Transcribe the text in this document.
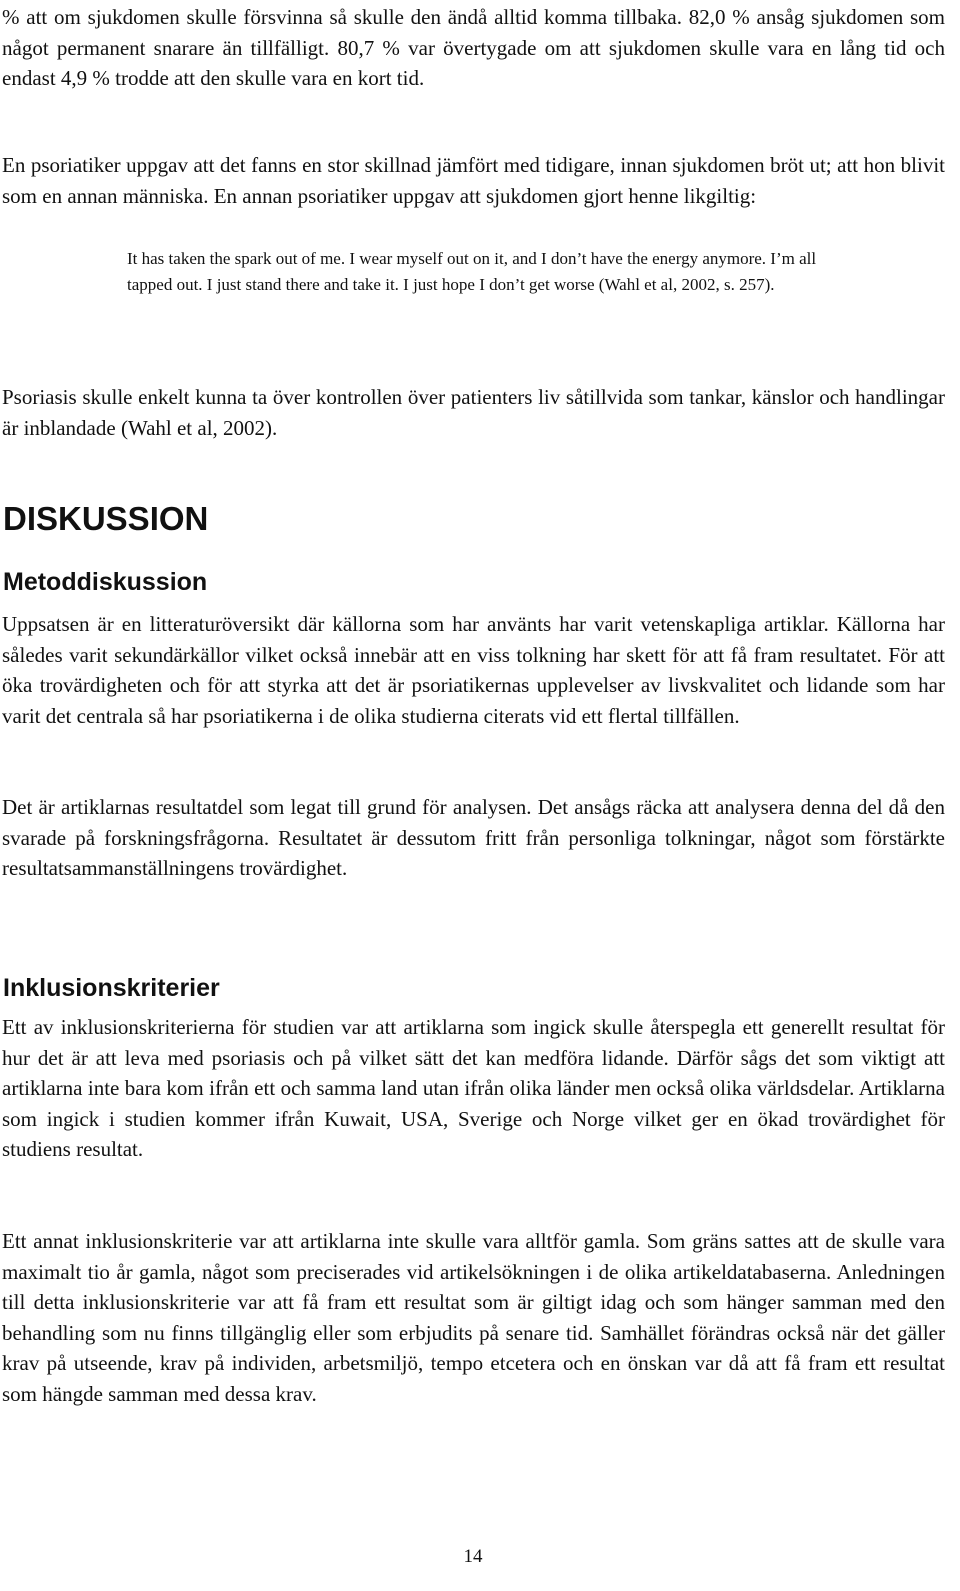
% att om sjukdomen skulle försvinna så skulle den ändå alltid komma tillbaka. 82,0 % ansåg sjukdomen som något permanent snarare än tillfälligt. 80,7 % var övertygade om att sjukdomen skulle vara en lång tid och endast 4,9 % trodde att den skulle vara en kort tid.

En psoriatiker uppgav att det fanns en stor skillnad jämfört med tidigare, innan sjukdomen bröt ut; att hon blivit som en annan människa. En annan psoriatiker uppgav att sjukdomen gjort henne likgiltig:

It has taken the spark out of me. I wear myself out on it, and I don’t have the energy anymore. I’m all tapped out. I just stand there and take it. I just hope I don’t get worse (Wahl et al, 2002, s. 257).

Psoriasis skulle enkelt kunna ta över kontrollen över patienters liv såtillvida som tankar, känslor och handlingar är inblandade (Wahl et al, 2002).

DISKUSSION
Metoddiskussion

Uppsatsen är en litteraturöversikt där källorna som har använts har varit vetenskapliga artiklar. Källorna har således varit sekundärkällor vilket också innebär att en viss tolkning har skett för att få fram resultatet. För att öka trovärdigheten och för att styrka att det är psoriatikernas upplevelser av livskvalitet och lidande som har varit det centrala så har psoriatikerna i de olika studierna citerats vid ett flertal tillfällen.

Det är artiklarnas resultatdel som legat till grund för analysen. Det ansågs räcka att analysera denna del då den svarade på forskningsfrågorna. Resultatet är dessutom fritt från personliga tolkningar, något som förstärkte resultatsammanställningens trovärdighet.

Inklusionskriterier

Ett av inklusionskriterierna för studien var att artiklarna som ingick skulle återspegla ett generellt resultat för hur det är att leva med psoriasis och på vilket sätt det kan medföra lidande. Därför sågs det som viktigt att artiklarna inte bara kom ifrån ett och samma land utan ifrån olika länder men också olika världsdelar. Artiklarna som ingick i studien kommer ifrån Kuwait, USA, Sverige och Norge vilket ger en ökad trovärdighet för studiens resultat.

Ett annat inklusionskriterie var att artiklarna inte skulle vara alltför gamla. Som gräns sattes att de skulle vara maximalt tio år gamla, något som preciserades vid artikelsökningen i de olika artikeldatabaserna. Anledningen till detta inklusionskriterie var att få fram ett resultat som är giltigt idag och som hänger samman med den behandling som nu finns tillgänglig eller som erbjudits på senare tid. Samhället förändras också när det gäller krav på utseende, krav på individen, arbetsmiljö, tempo etcetera och en önskan var då att få fram ett resultat som hängde samman med dessa krav.

14
